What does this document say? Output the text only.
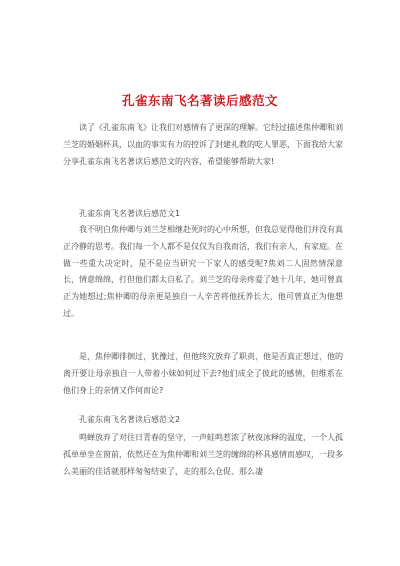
孔雀东南飞名著读后感范文

读了《孔雀东南飞》让我们对感情有了更深的理解。它经过描述焦仲卿和刘兰芝的婚姻杯具，以血的事实有力的控诉了封建礼教的吃人罪恶，下面我给大家分享孔雀东南飞名著读后感范文的内容，希望能够帮助大家!

孔雀东南飞名著读后感范文1

我不明白焦仲卿与刘兰芝相继赴死时的心中所想，但我总觉得他们并没有真正冷静的思考。我们每一个人都不是仅仅为自我而活，我们有亲人，有家庭。在做一些重大决定时，是不是应当研究一下家人的感受呢?焦刘二人固然情深意长，情意绵绵，打但他们都太自私了。刘兰芝的母亲疼爱了她十几年，她可曾真正为她想过;焦仲卿的母亲更是独自一人辛苦将他抚养长大，他可曾真正为他想过。

是，焦仲卿徘徊过，犹豫过，但他终究放弃了职责，他是否真正想过，他的离开要让母亲独自一人带着小妹如何过下去?他们成全了彼此的感情，但维系在他们身上的亲情又作何而论?

孔雀东南飞名著读后感范文2

鸣蝉放弃了对往日青春的坚守，一声蛙鸣惹浓了秋夜冰释的温度，一个人孤孤单单坐在窗前，依然还在为焦仲卿和刘兰芝的缠绵的杯具感情而感叹，一段多么美丽的佳话就那样匆匆结束了，走的那么仓促、那么凄
